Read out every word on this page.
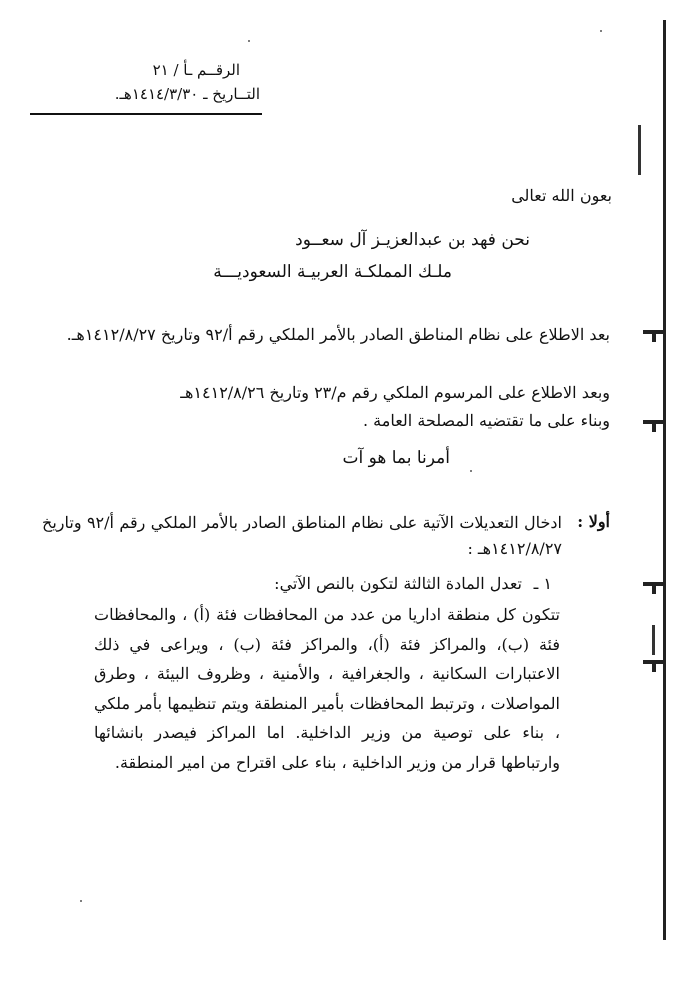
الرقــم ـأ / ٢١
التــاريخ ـ ١٤١٤/٣/٣٠هـ.
بعون الله تعالى
نحن فهد بن عبدالعزيـز آل سعــود
ملـك المملكـة العربيـة السعوديـــة
بعد الاطلاع على نظام المناطق الصادر بالأمر الملكي رقم أ/٩٢ وتاريخ ١٤١٢/٨/٢٧هـ.
وبعد الاطلاع على المرسوم الملكي رقم م/٢٣ وتاريخ ١٤١٢/٨/٢٦هـ
وبناء على ما تقتضيه المصلحة العامة .
أمرنا بما هو آت
أولا :
ادخال التعديلات الآتية على نظام المناطق الصادر بالأمر الملكي رقم أ/٩٢ وتاريخ ١٤١٢/٨/٢٧هـ :
١ ـ
تعدل المادة الثالثة لتكون بالنص الآتي:
تتكون كل منطقة اداريا من عدد من المحافظات فئة (أ) ، والمحافظات فئة (ب)، والمراكز فئة (أ)، والمراكز فئة (ب) ، ويراعى في ذلك الاعتبارات السكانية ، والجغرافية ، والأمنية ، وظروف البيئة ، وطرق المواصلات ، وترتبط المحافظات بأمير المنطقة ويتم تنظيمها بأمر ملكي ، بناء على توصية من وزير الداخلية. اما المراكز فيصدر بانشائها وارتباطها قرار من وزير الداخلية ، بناء على اقتراح من امير المنطقة.
